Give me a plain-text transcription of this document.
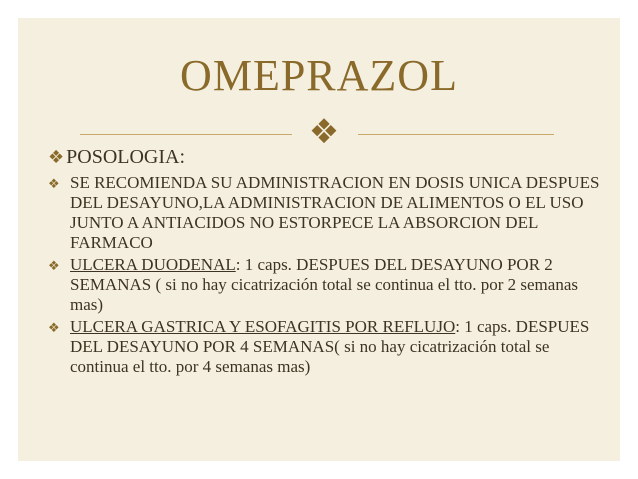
OMEPRAZOL
❖
❖ POSOLOGIA:
❖ SE RECOMIENDA SU ADMINISTRACION EN DOSIS UNICA DESPUES DEL DESAYUNO,LA ADMINISTRACION DE ALIMENTOS O EL USO JUNTO A ANTIACIDOS NO ESTORPECE LA ABSORCION DEL FARMACO
❖ ULCERA DUODENAL: 1 caps. DESPUES DEL DESAYUNO POR 2 SEMANAS ( si no hay cicatrización total se continua el tto. por 2 semanas mas)
❖ ULCERA GASTRICA Y ESOFAGITIS POR REFLUJO: 1 caps. DESPUES DEL DESAYUNO POR 4 SEMANAS( si no hay cicatrización total se continua el tto. por 4 semanas mas)
